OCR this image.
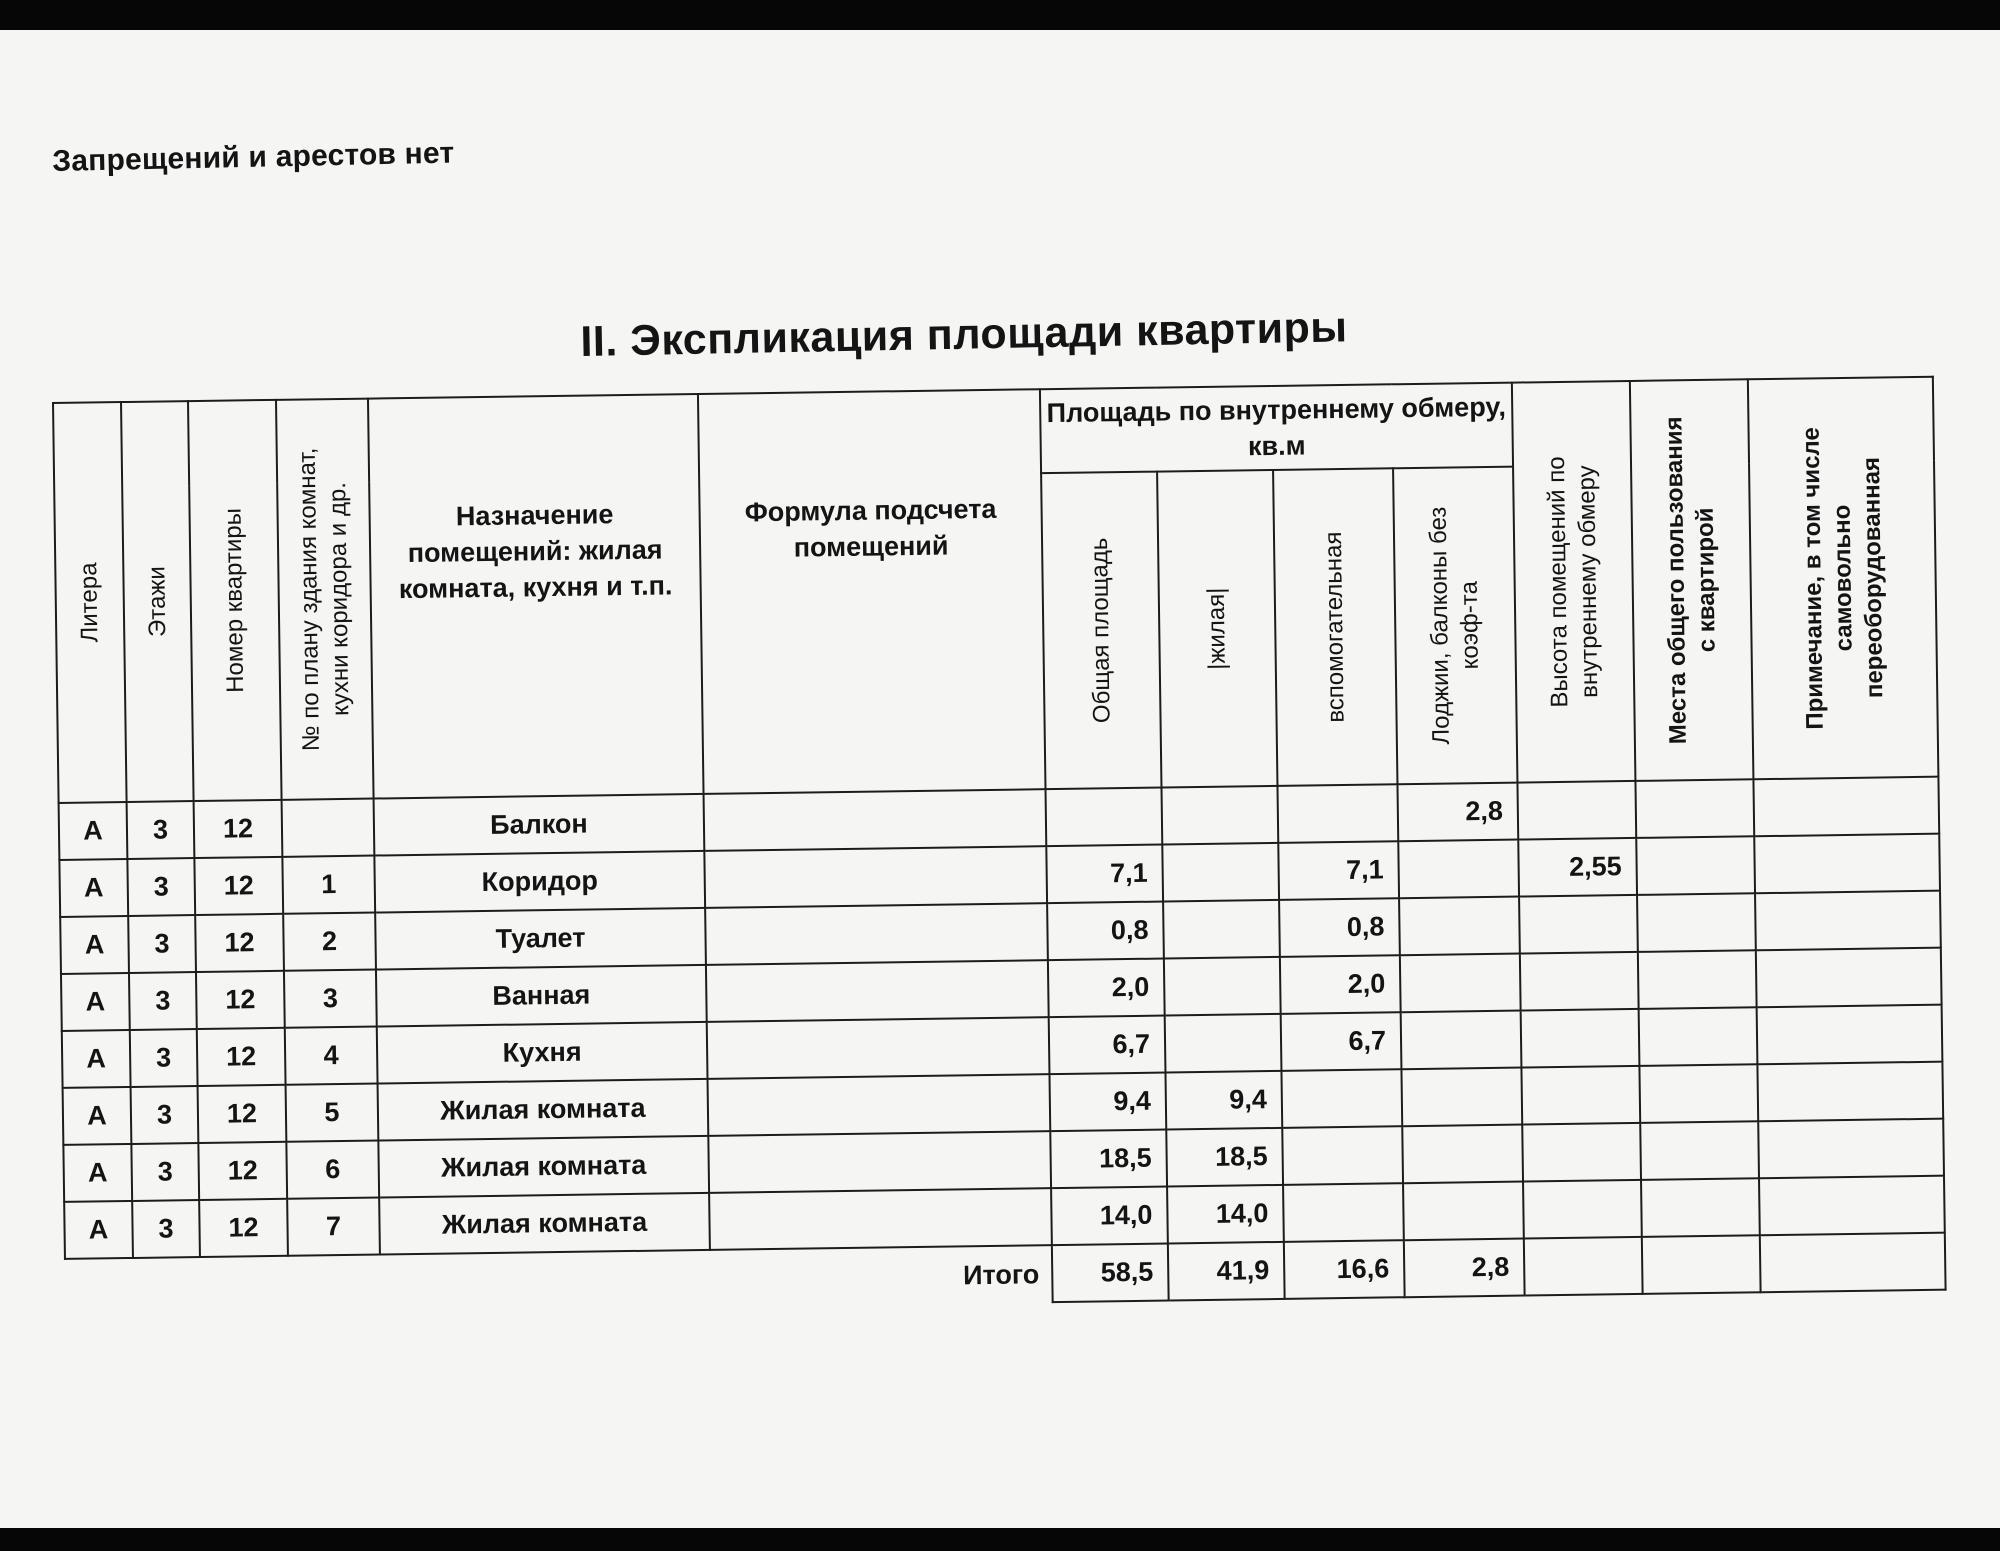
Запрещений и арестов нет
II. Экспликация площади квартиры
Литера	Этажи	Номер квартиры	№ по плану здания комнат, кухни коридора и др.	Назначение помещений: жилая комната, кухня и т.п.	Формула подсчета помещений	Площадь по внутреннему обмеру, кв.м				Высота помещений по внутреннему обмеру	Места общего пользования с квартирой	Примечание, в том числе самовольно переоборудованная

						Общая площадь	|жилая|	вспомогательная	Лоджии, балконы без коэф-та			

А	3	12		Балкон					2,8			
А	3	12	1	Коридор		7,1		7,1		2,55		
А	3	12	2	Туалет		0,8		0,8				
А	3	12	3	Ванная		2,0		2,0				
А	3	12	4	Кухня		6,7		6,7				
А	3	12	5	Жилая комната		9,4	9,4					
А	3	12	6	Жилая комната		18,5	18,5					
А	3	12	7	Жилая комната		14,0	14,0					

Итого						58,5	41,9	16,6	2,8			
